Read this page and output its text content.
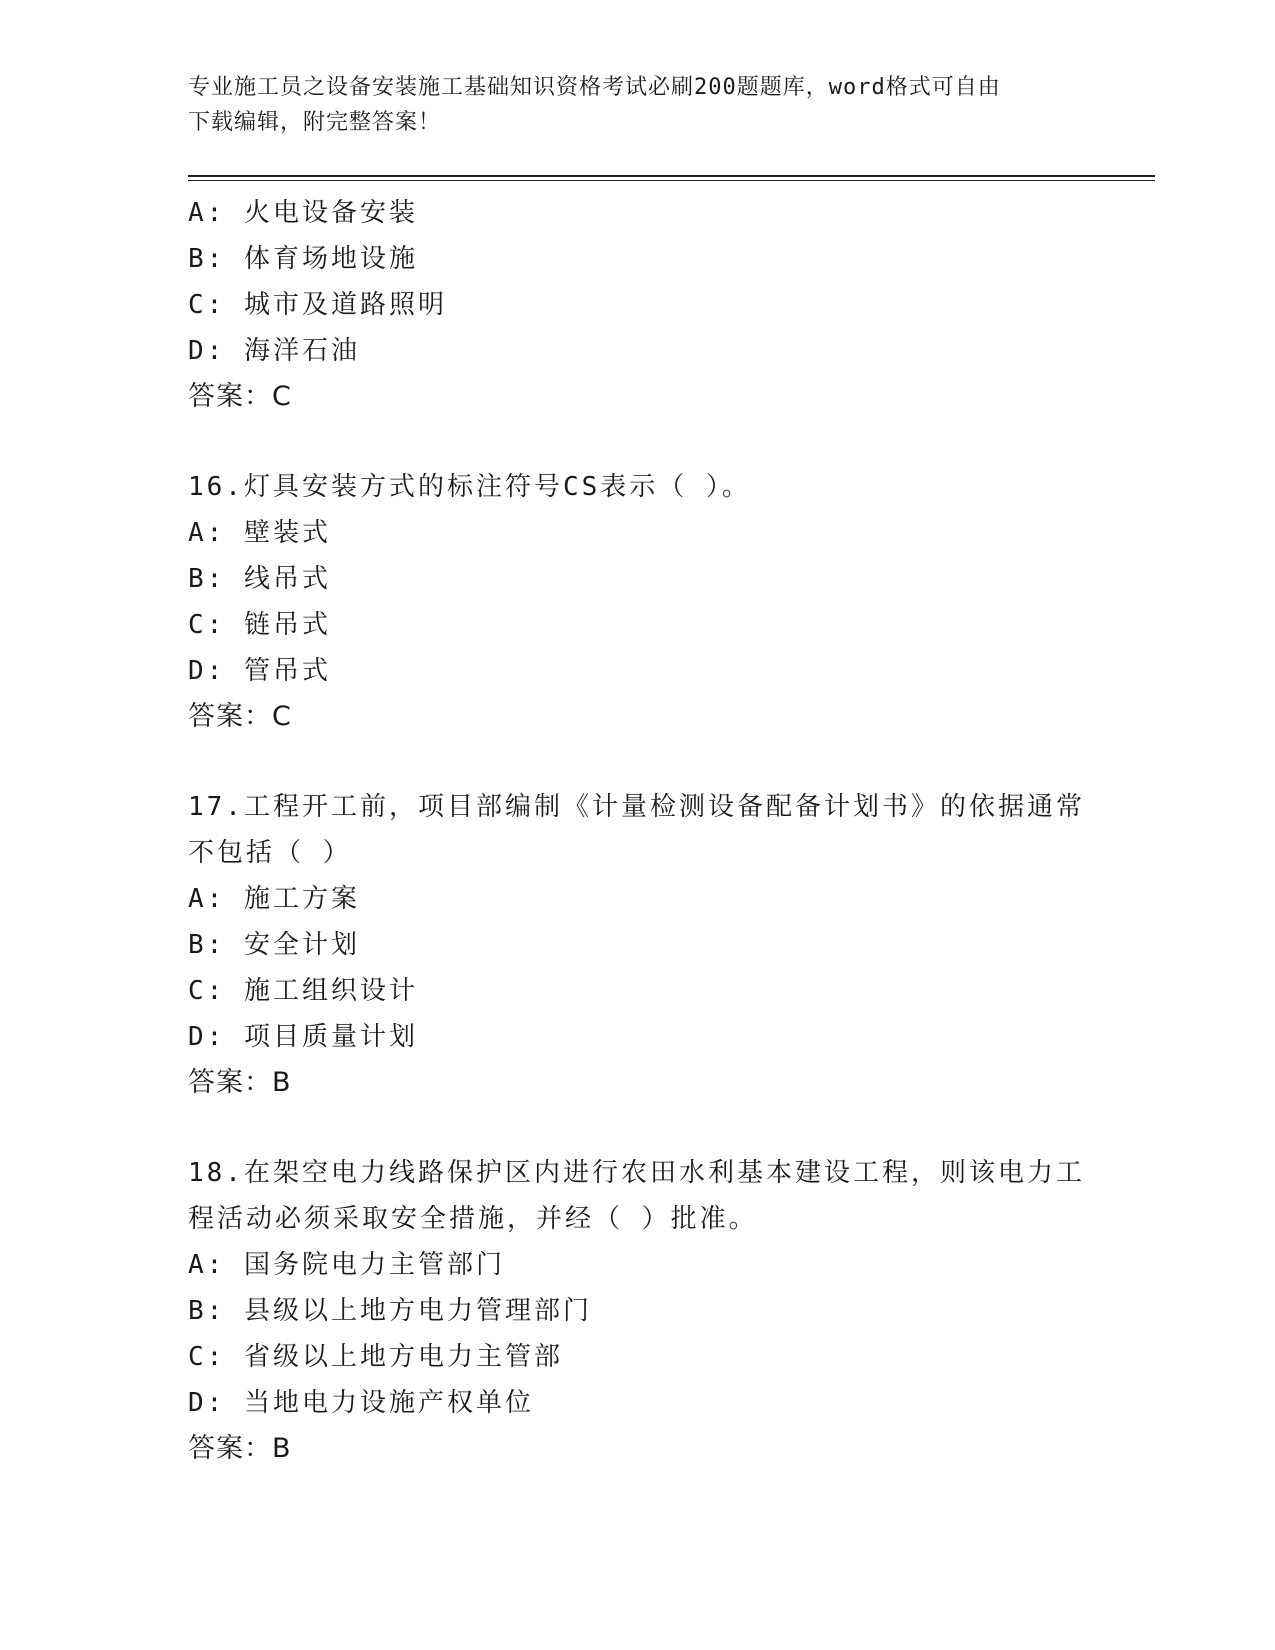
专业施工员之设备安装施工基础知识资格考试必刷200题题库，word格式可自由
下载编辑，附完整答案！
A: 火电设备安装
B: 体育场地设施
C: 城市及道路照明
D: 海洋石油
答案：C
16.灯具安装方式的标注符号CS表示（ ）。
A: 壁装式
B: 线吊式
C: 链吊式
D: 管吊式
答案：C
17.工程开工前，项目部编制《计量检测设备配备计划书》的依据通常
不包括（ ）
A: 施工方案
B: 安全计划
C: 施工组织设计
D: 项目质量计划
答案：B
18.在架空电力线路保护区内进行农田水利基本建设工程，则该电力工
程活动必须采取安全措施，并经（ ）批准。
A: 国务院电力主管部门
B: 县级以上地方电力管理部门
C: 省级以上地方电力主管部
D: 当地电力设施产权单位
答案：B
